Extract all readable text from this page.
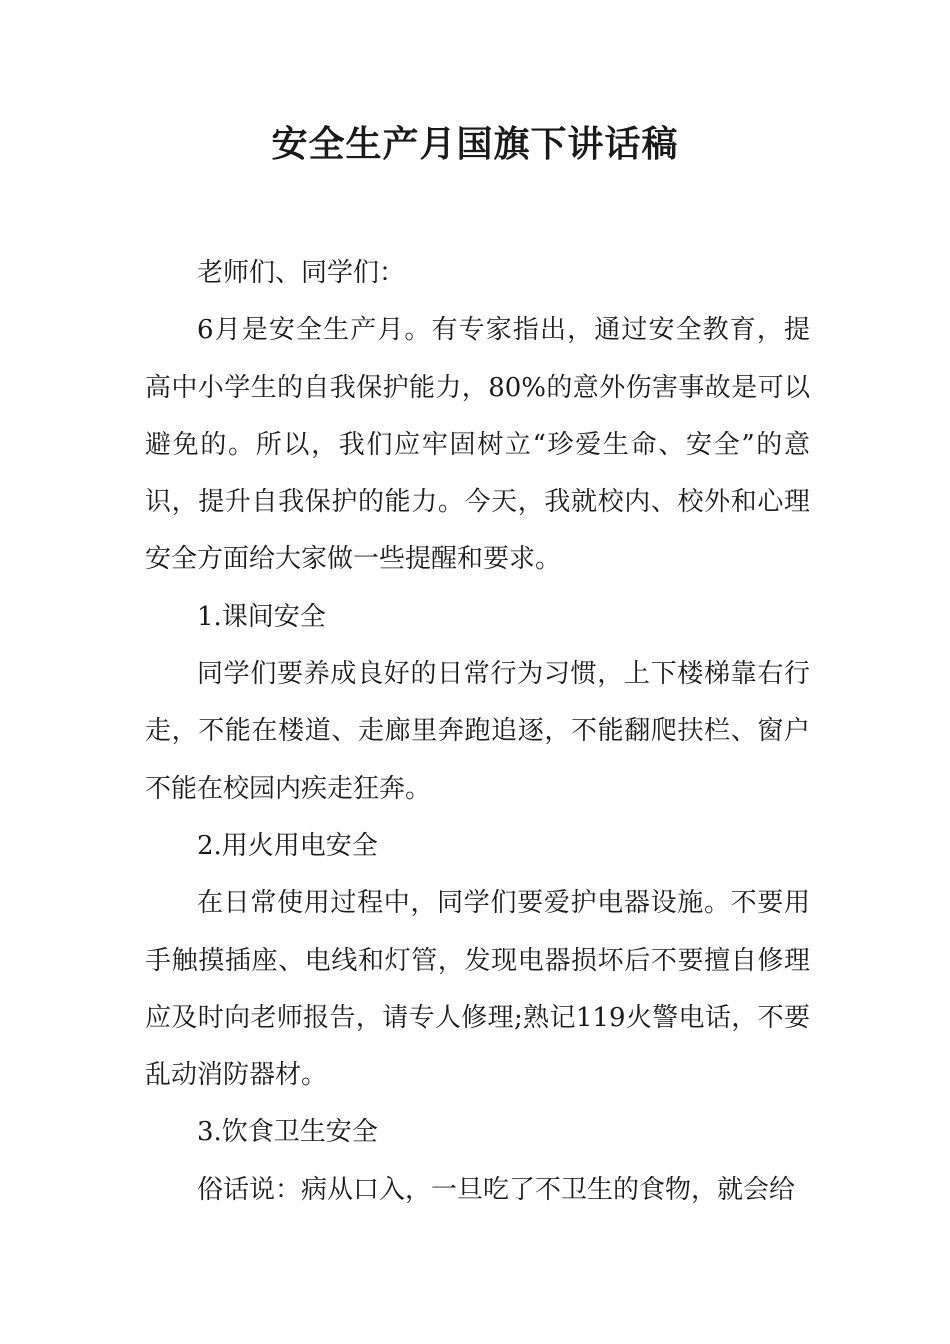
安全生产月国旗下讲话稿

老师们、同学们：

6月是安全生产月。有专家指出，通过安全教育，提高中小学生的自我保护能力，80%的意外伤害事故是可以避免的。所以，我们应牢固树立“珍爱生命、安全”的意识，提升自我保护的能力。今天，我就校内、校外和心理安全方面给大家做一些提醒和要求。

1.课间安全

同学们要养成良好的日常行为习惯，上下楼梯靠右行走，不能在楼道、走廊里奔跑追逐，不能翻爬扶栏、窗户不能在校园内疾走狂奔。

2.用火用电安全

在日常使用过程中，同学们要爱护电器设施。不要用手触摸插座、电线和灯管，发现电器损坏后不要擅自修理应及时向老师报告，请专人修理;熟记119火警电话，不要乱动消防器材。

3.饮食卫生安全

俗话说：病从口入，一旦吃了不卫生的食物，就会给
